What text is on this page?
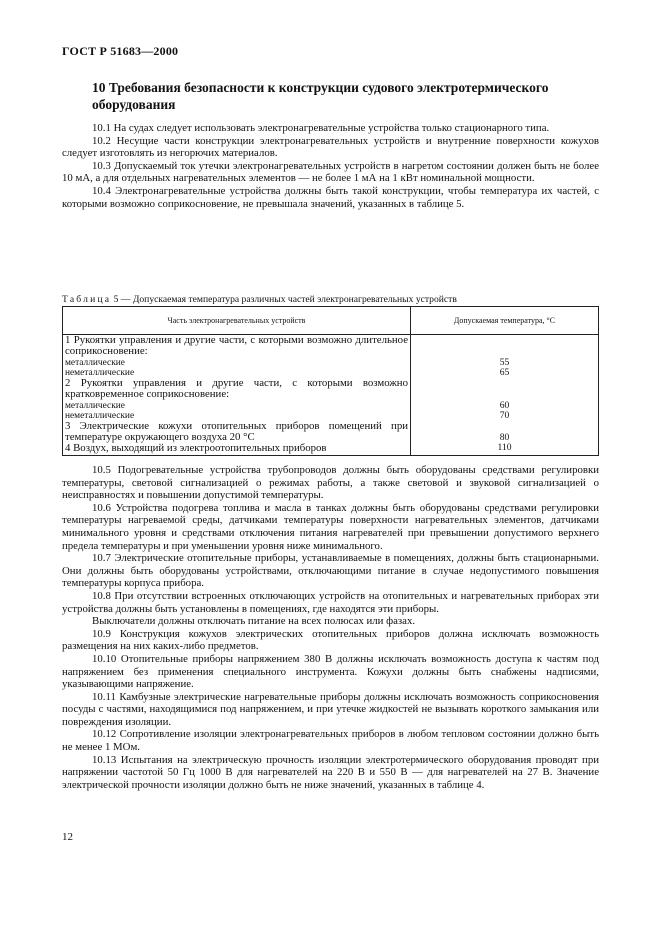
ГОСТ Р 51683—2000
10 Требования безопасности к конструкции судового электротермического оборудования

10.1 На судах следует использовать электронагревательные устройства только стационарного типа.

10.2 Несущие части конструкции электронагревательных устройств и внутренние поверхности кожухов следует изготовлять из негорючих материалов.

10.3 Допускаемый ток утечки электронагревательных устройств в нагретом состоянии должен быть не более 10 мА, а для отдельных нагревательных элементов — не более 1 мА на 1 кВт номинальной мощности.

10.4 Электронагревательные устройства должны быть такой конструкции, чтобы температура их частей, с которыми возможно соприкосновение, не превышала значений, указанных в таблице 5.

Таблица 5 — Допускаемая температура различных частей электронагревательных устройств
Часть электронагревательных устройств	Допускаемая температура, °С
1 Рукоятки управления и другие части, с которыми возможно длительное соприкосновение:	
металлические	55
неметаллические	65
2 Рукоятки управления и другие части, с которыми возможно кратковременное соприкосновение:	
металлические	60
неметаллические	70
3 Электрические кожухи отопительных приборов помещений при температуре окружающего воздуха 20 °С	80
4 Воздух, выходящий из электроотопительных приборов	110

10.5 Подогревательные устройства трубопроводов должны быть оборудованы средствами регулировки температуры, световой сигнализацией о режимах работы, а также световой и звуковой сигнализацией о неисправностях и повышении допустимой температуры.

10.6 Устройства подогрева топлива и масла в танках должны быть оборудованы средствами регулировки температуры нагреваемой среды, датчиками температуры поверхности нагревательных элементов, датчиками минимального уровня и средствами отключения питания нагревателей при превышении допустимого верхнего предела температуры и при уменьшении уровня ниже минимального.

10.7 Электрические отопительные приборы, устанавливаемые в помещениях, должны быть стационарными. Они должны быть оборудованы устройствами, отключающими питание в случае недопустимого повышения температуры корпуса прибора.

10.8 При отсутствии встроенных отключающих устройств на отопительных и нагревательных приборах эти устройства должны быть установлены в помещениях, где находятся эти приборы.

Выключатели должны отключать питание на всех полюсах или фазах.

10.9 Конструкция кожухов электрических отопительных приборов должна исключать возможность размещения на них каких-либо предметов.

10.10 Отопительные приборы напряжением 380 В должны исключать возможность доступа к частям под напряжением без применения специального инструмента. Кожухи должны быть снабжены надписями, указывающими напряжение.

10.11 Камбузные электрические нагревательные приборы должны исключать возможность соприкосновения посуды с частями, находящимися под напряжением, и при утечке жидкостей не вызывать короткого замыкания или повреждения изоляции.

10.12 Сопротивление изоляции электронагревательных приборов в любом тепловом состоянии должно быть не менее 1 МОм.

10.13 Испытания на электрическую прочность изоляции электротермического оборудования проводят при напряжении частотой 50 Гц 1000 В для нагревателей на 220 В и 550 В — для нагревателей на 27 В. Значение электрической прочности изоляции должно быть не ниже значений, указанных в таблице 4.

12
